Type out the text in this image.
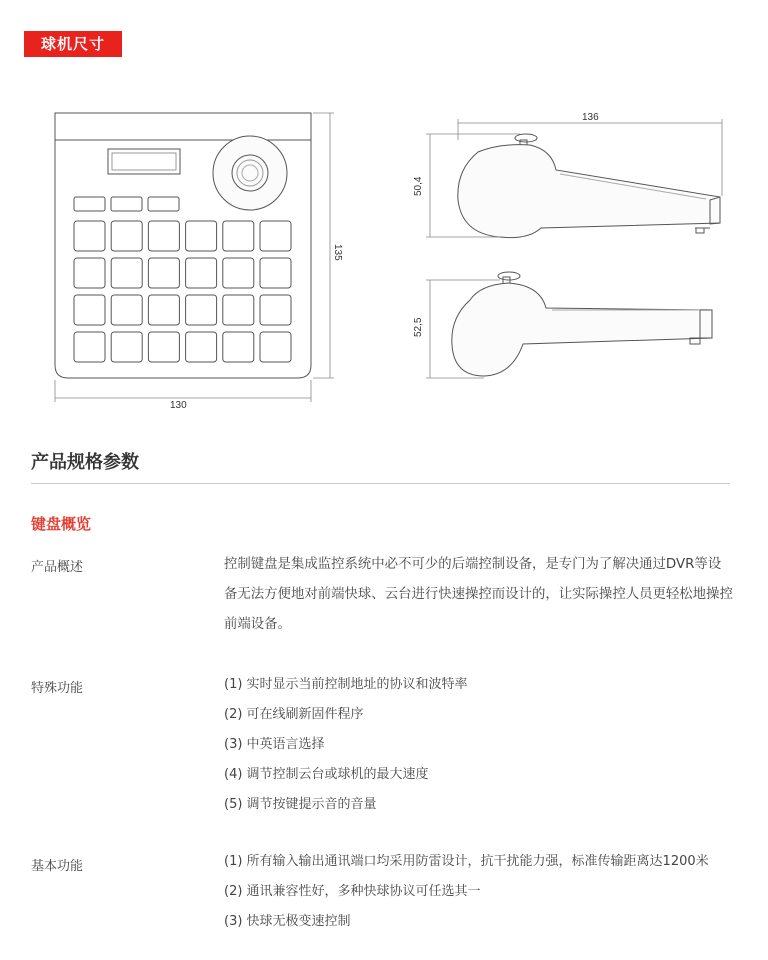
球机尺寸
130
135
136
50,4
52,5
产品规格参数
键盘概览
产品概述	控制键盘是集成监控系统中必不可少的后端控制设备，是专门为了解决通过DVR等设备无法方便地对前端快球、云台进行快速操控而设计的，让实际操控人员更轻松地操控前端设备。

特殊功能	(1) 实时显示当前控制地址的协议和波特率
(2) 可在线刷新固件程序
(3) 中英语言选择
(4) 调节控制云台或球机的最大速度
(5) 调节按键提示音的音量
基本功能	(1) 所有输入输出通讯端口均采用防雷设计，抗干扰能力强，标准传输距离达1200米
(2) 通讯兼容性好，多种快球协议可任选其一
(3) 快球无极变速控制
